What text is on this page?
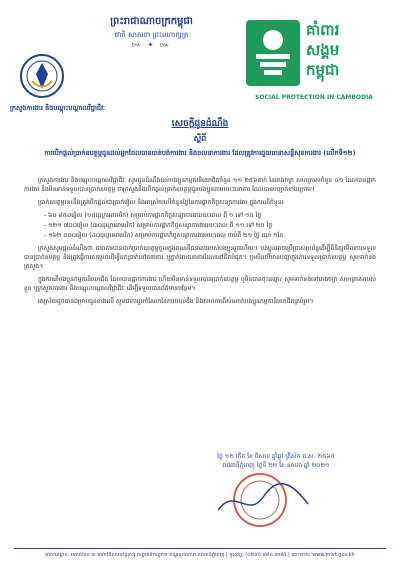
ព្រះរាជាណាចក្រកម្ពុជា
ជាតិ សាសនា ព្រះមហាក្សត្រ
៚ ✦ ៚
ក្រសួងការងារ និងបណ្តុះបណ្តាលវិជ្ជាជីវៈ
គាំពារ
សង្គម
កម្ពុជា
SOCIAL PROTECTION IN CAMBODIA
សេចក្តីជូនដំណឹង
ស្តីពី
ការបើកផ្តល់ប្រាក់ឧបត្ថម្ភជូនដល់អ្នកដែលបានបាត់បង់ការងារ និងចលនាការងារ ដែលត្រូវការជួយធានាសន្តិសុខការងារ (លើកទី១២)

ក្រសួងការងារ និងបណ្តុះបណ្តាលវិជ្ជាជីវៈ សូមជូនដំណឹងដល់បងប្អូនកម្មករនិយោជិតចំនួន ១១ ២៥៦នាក់ នៃរោងចក្រ សហគ្រាសចំនួន ៤១ ដែលបានផ្អាកការងារ និងមិនទាន់ទទួលបានប្រាក់ឧបត្ថម្ភ ថាក្រសួងនឹងបើកផ្តល់ប្រាក់ឧបត្ថម្ភជូនបងប្អូនតាមរយៈធនាគារ ដែលបានបញ្ជាក់ខាងក្រោម។

ប្រាក់ឧបត្ថម្ភនេះនឹងត្រូវបើកផ្តល់ជាប្រាក់រៀល និងអាស្រ័យលើចំនួនថ្ងៃនៃការផ្អាកកិច្ចសន្យាការងារ ក្នុងករណីចំនួន៖

- ៦០ ៨៥០រៀល (១៥ដុល្លារអាមេរិក) សម្រាប់ការផ្អាកកិច្ចសន្យាការងាររយៈពេល ពី ១ ទៅ ១០ ថ្ងៃ
- ១២១ ៧០០រៀល (៣០ដុល្លារអាមេរិក) សម្រាប់ការផ្អាកកិច្ចសន្យាការងាររយៈពេល ពី ១១ ទៅ ២០ ថ្ងៃ
- ១៦២ ០០០រៀល (៤០ដុល្លារអាមេរិក) សម្រាប់ការផ្អាកកិច្ចសន្យាការងាររយៈពេល ចាប់ពី ២១ ថ្ងៃ ដល់ ១ខែ

ក្រសួងសូមផ្តល់ដំណឹងថា ធនាគារបានដាក់ប្រាក់ឧបត្ថម្ភចូលក្នុងគណនីធនាគាររបស់បងប្អូនរួចហើយ។ បងប្អូនអាចប្រើប្រាស់ប្រព័ន្ធដើម្បីពិនិត្យមើលការទទួលបានប្រាក់ឧបត្ថម្ភ និងត្រូវធ្វើការសម្រេចដើម្បីដកប្រាក់នៅធនាគារ ឬភ្នាក់ងារធនាគារដែលនៅជិតបំផុត។ ប្រសិនបើមានបញ្ហាក្នុងការទទួលប្រាក់ឧបត្ថម្ភ សូមទាក់ទងក្រសួង។

ក្នុងករណីបងប្អូនកម្មករនិយោជិត ដែលបានផ្អាកការងារ ហើយមិនទាន់ទទួលបានប្រាក់ឧបត្ថម្ភ ឬមិនបានចុះឈ្មោះ សូមទាក់ទងទៅរោងចក្រ សហគ្រាសរបស់ខ្លួន ឬក្រសួងការងារ និងបណ្តុះបណ្តាលវិជ្ជាជីវៈ ដើម្បីទទួលបានព័ត៌មានបន្ថែម។

អាស្រ័យដូចបានជម្រាបជូនខាងលើ សូមជាការរួមចំណែកនៃការយល់ដឹង និងសហការពីសំណាក់បងប្អូនកម្មករនិយោជិតគ្រប់រូប។

ថ្ងៃ ១២ កើត ខែ ពិសាខ ឆ្នាំឆ្លូវ ត្រីស័ក ព.ស. ២៥៦៥
រាជធានីភ្នំពេញ ថ្ងៃទី ២២ ខែ ឧសភា ឆ្នាំ ២០២១
អាសយដ្ឋាន: អគារលេខ ៣ មហាវិថីសហព័ន្ធរុស្ស៊ី សង្កាត់ទឹកល្អក់១ ខណ្ឌទួលគោក រាជធានីភ្នំពេញ | ទូរស័ព្ទ: (០២៣) ៨៨៤ ៣៧៥ | គេហទំព័រ: www.mlvt.gov.kh
